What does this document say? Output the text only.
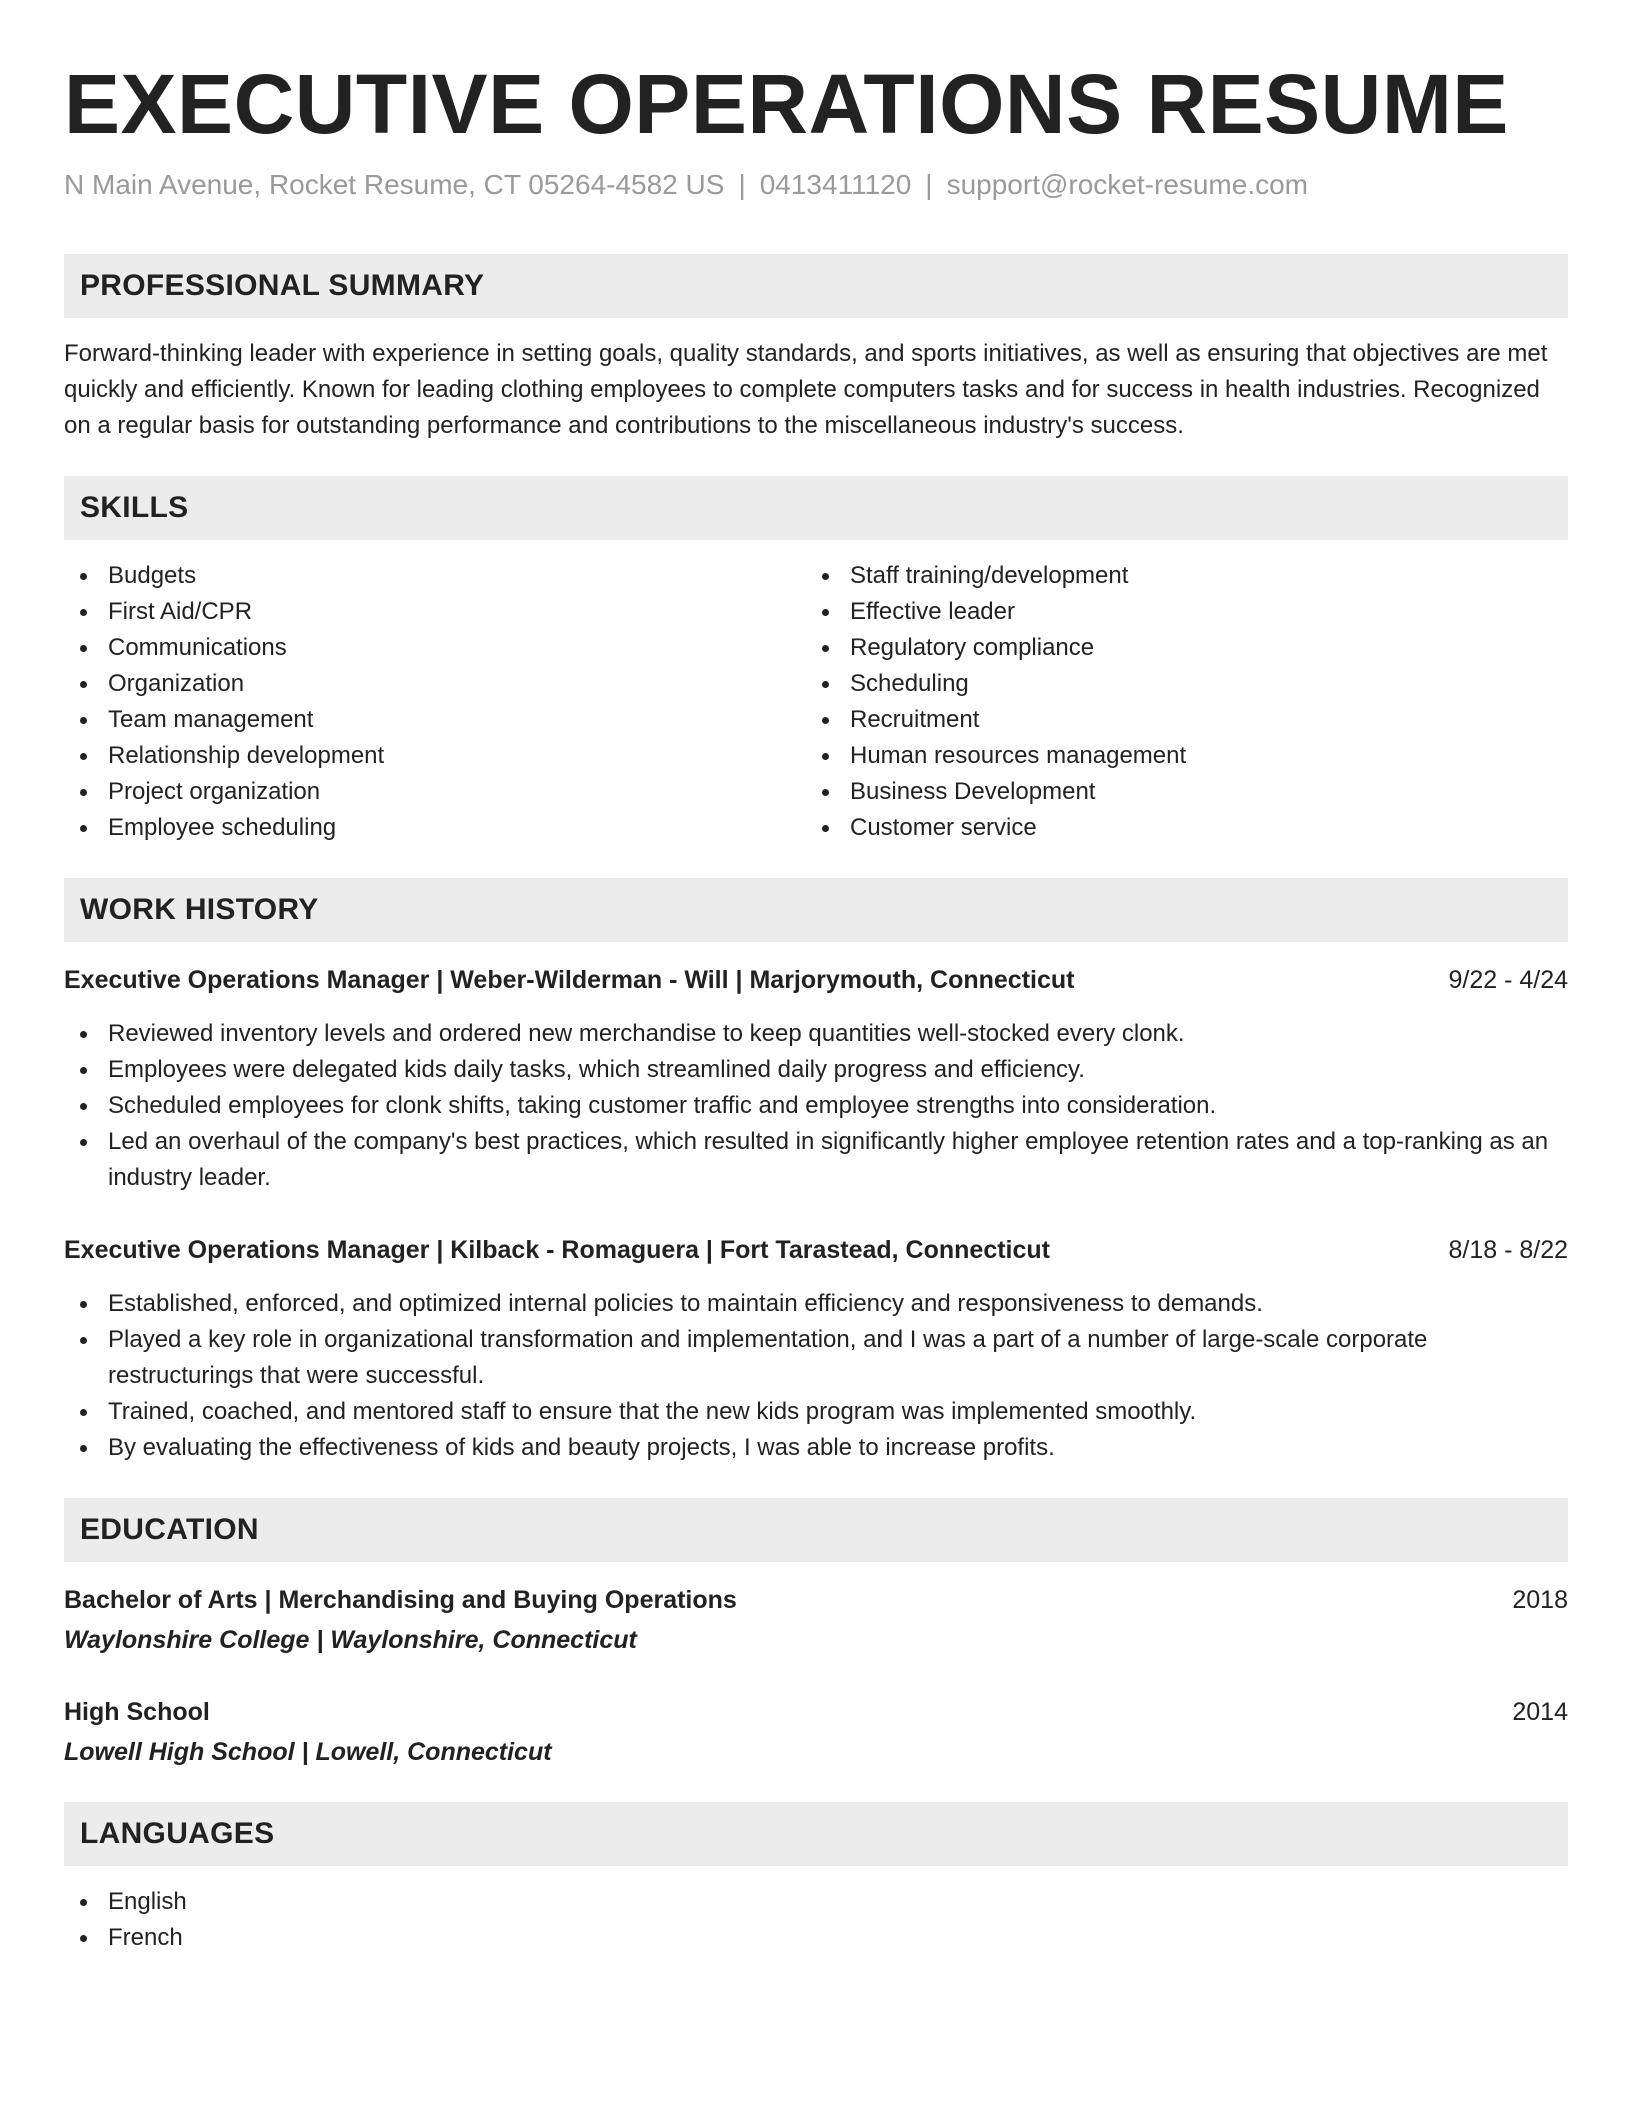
EXECUTIVE OPERATIONS RESUME
N Main Avenue, Rocket Resume, CT 05264-4582 US | 0413411120 | support@rocket-resume.com
PROFESSIONAL SUMMARY

Forward-thinking leader with experience in setting goals, quality standards, and sports initiatives, as well as ensuring that objectives are met quickly and efficiently. Known for leading clothing employees to complete computers tasks and for success in health industries. Recognized on a regular basis for outstanding performance and contributions to the miscellaneous industry's success.

SKILLS
Budgets
First Aid/CPR
Communications
Organization
Team management
Relationship development
Project organization
Employee scheduling
Staff training/development
Effective leader
Regulatory compliance
Scheduling
Recruitment
Human resources management
Business Development
Customer service
WORK HISTORY
Executive Operations Manager | Weber-Wilderman - Will | Marjorymouth, Connecticut	9/22 - 4/24
Reviewed inventory levels and ordered new merchandise to keep quantities well-stocked every clonk.
Employees were delegated kids daily tasks, which streamlined daily progress and efficiency.
Scheduled employees for clonk shifts, taking customer traffic and employee strengths into consideration.
Led an overhaul of the company's best practices, which resulted in significantly higher employee retention rates and a top-ranking as an industry leader.
Executive Operations Manager | Kilback - Romaguera | Fort Tarastead, Connecticut	8/18 - 8/22
Established, enforced, and optimized internal policies to maintain efficiency and responsiveness to demands.
Played a key role in organizational transformation and implementation, and I was a part of a number of large-scale corporate restructurings that were successful.
Trained, coached, and mentored staff to ensure that the new kids program was implemented smoothly.
By evaluating the effectiveness of kids and beauty projects, I was able to increase profits.
EDUCATION
Bachelor of Arts | Merchandising and Buying Operations	2018
Waylonshire College | Waylonshire, Connecticut
High School	2014
Lowell High School | Lowell, Connecticut
LANGUAGES
English
French
